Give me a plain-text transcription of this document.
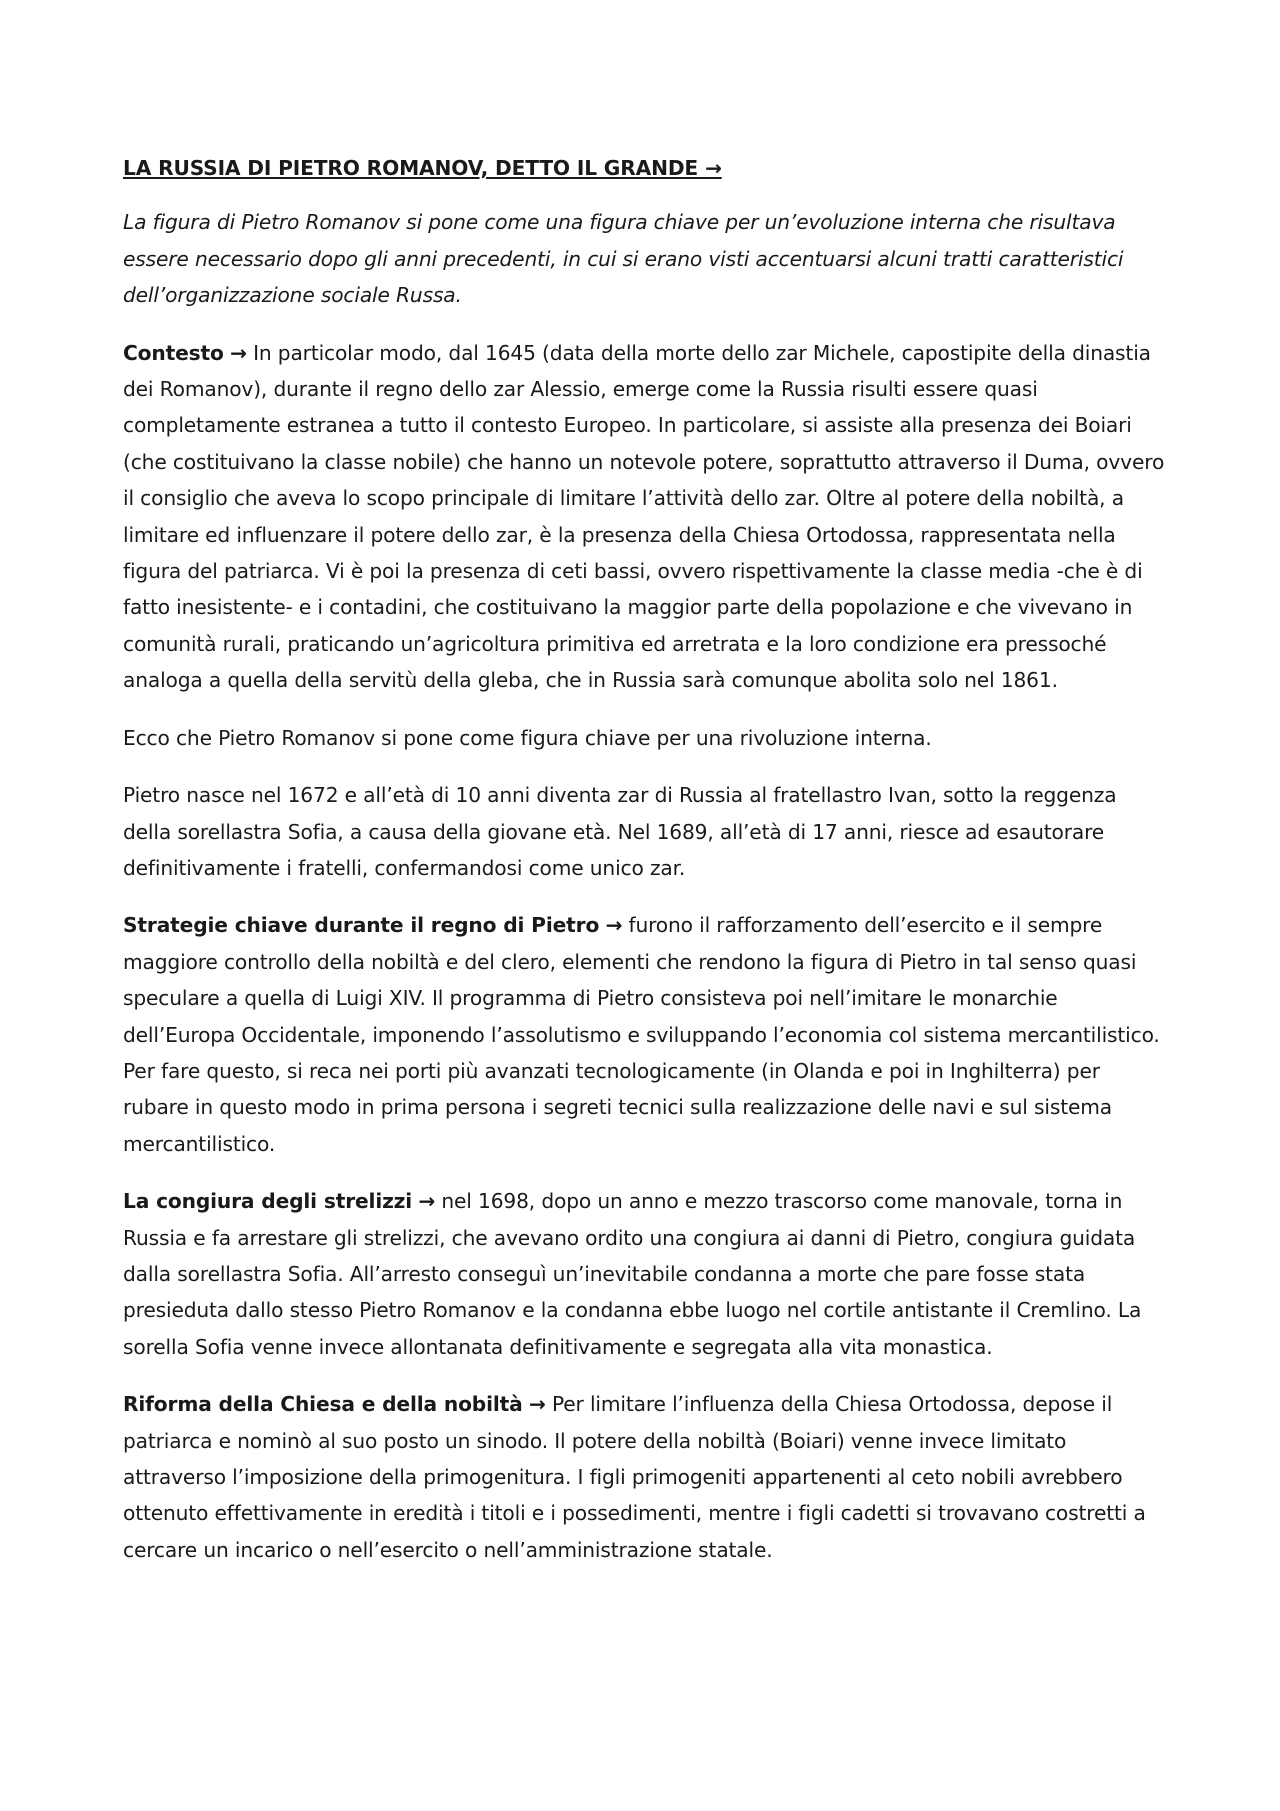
LA RUSSIA DI PIETRO ROMANOV, DETTO IL GRANDE →

La figura di Pietro Romanov si pone come una figura chiave per un’evoluzione interna che risultava essere necessario dopo gli anni precedenti, in cui si erano visti accentuarsi alcuni tratti caratteristici dell’organizzazione sociale Russa.

Contesto → In particolar modo, dal 1645 (data della morte dello zar Michele, capostipite della dinastia dei Romanov), durante il regno dello zar Alessio, emerge come la Russia risulti essere quasi completamente estranea a tutto il contesto Europeo. In particolare, si assiste alla presenza dei Boiari (che costituivano la classe nobile) che hanno un notevole potere, soprattutto attraverso il Duma, ovvero il consiglio che aveva lo scopo principale di limitare l’attività dello zar. Oltre al potere della nobiltà, a limitare ed influenzare il potere dello zar, è la presenza della Chiesa Ortodossa, rappresentata nella figura del patriarca. Vi è poi la presenza di ceti bassi, ovvero rispettivamente la classe media -che è di fatto inesistente- e i contadini, che costituivano la maggior parte della popolazione e che vivevano in comunità rurali, praticando un’agricoltura primitiva ed arretrata e la loro condizione era pressoché analoga a quella della servitù della gleba, che in Russia sarà comunque abolita solo nel 1861.

Ecco che Pietro Romanov si pone come figura chiave per una rivoluzione interna.

Pietro nasce nel 1672 e all’età di 10 anni diventa zar di Russia al fratellastro Ivan, sotto la reggenza della sorellastra Sofia, a causa della giovane età. Nel 1689, all’età di 17 anni, riesce ad esautorare definitivamente i fratelli, confermandosi come unico zar.

Strategie chiave durante il regno di Pietro → furono il rafforzamento dell’esercito e il sempre maggiore controllo della nobiltà e del clero, elementi che rendono la figura di Pietro in tal senso quasi speculare a quella di Luigi XIV. Il programma di Pietro consisteva poi nell’imitare le monarchie dell’Europa Occidentale, imponendo l’assolutismo e sviluppando l’economia col sistema mercantilistico. Per fare questo, si reca nei porti più avanzati tecnologicamente (in Olanda e poi in Inghilterra) per rubare in questo modo in prima persona i segreti tecnici sulla realizzazione delle navi e sul sistema mercantilistico.

La congiura degli strelizzi → nel 1698, dopo un anno e mezzo trascorso come manovale, torna in Russia e fa arrestare gli strelizzi, che avevano ordito una congiura ai danni di Pietro, congiura guidata dalla sorellastra Sofia. All’arresto conseguì un’inevitabile condanna a morte che pare fosse stata presieduta dallo stesso Pietro Romanov e la condanna ebbe luogo nel cortile antistante il Cremlino. La sorella Sofia venne invece allontanata definitivamente e segregata alla vita monastica.

Riforma della Chiesa e della nobiltà → Per limitare l’influenza della Chiesa Ortodossa, depose il patriarca e nominò al suo posto un sinodo. Il potere della nobiltà (Boiari) venne invece limitato attraverso l’imposizione della primogenitura. I figli primogeniti appartenenti al ceto nobili avrebbero ottenuto effettivamente in eredità i titoli e i possedimenti, mentre i figli cadetti si trovavano costretti a cercare un incarico o nell’esercito o nell’amministrazione statale.
